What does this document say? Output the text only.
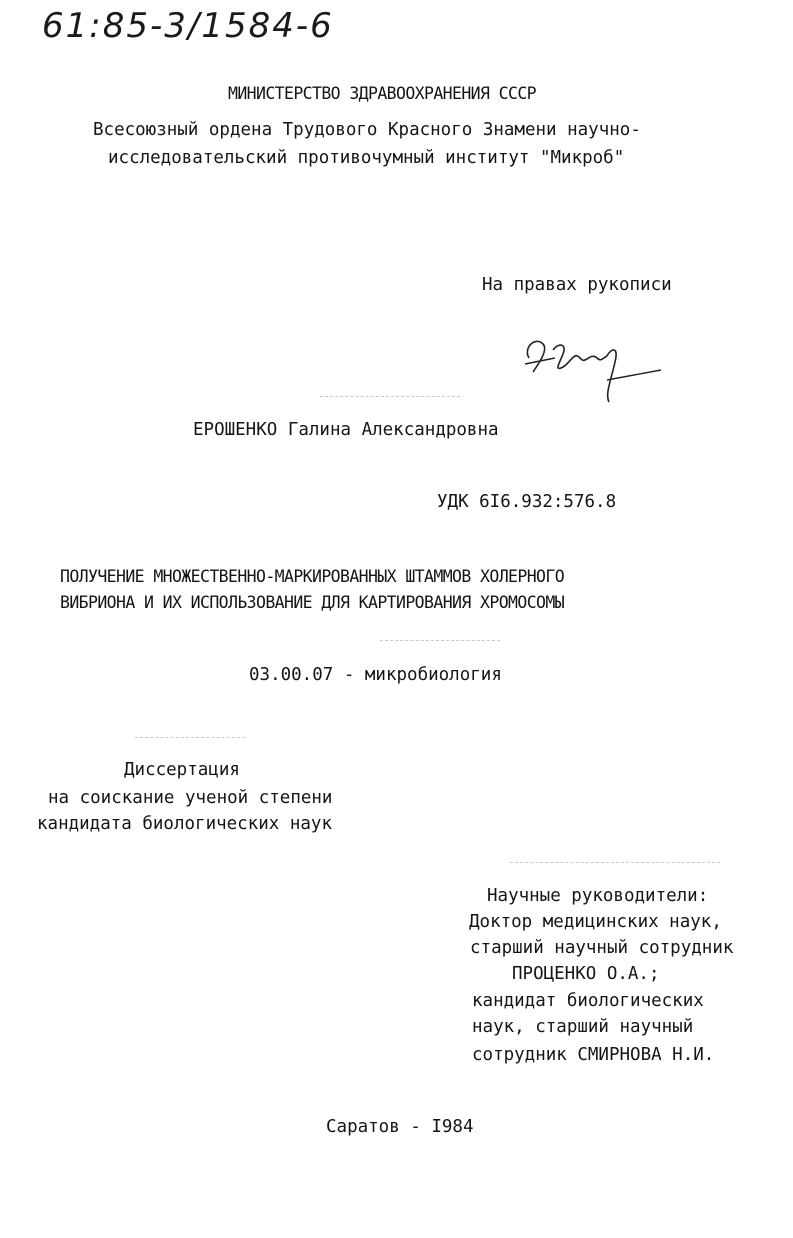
61:85-3/1584-6
МИНИСТЕРСТВО ЗДРАВООХРАНЕНИЯ СССР
Всесоюзный ордена Трудового Красного Знамени научно-
исследовательский противочумный институт "Микроб"
На правах рукописи
ЕРОШЕНКО Галина Александровна
УДК 6I6.932:576.8
ПОЛУЧЕНИЕ МНОЖЕСТВЕННО-МАРКИРОВАННЫХ ШТАММОВ ХОЛЕРНОГО
ВИБРИОНА И ИХ ИСПОЛЬЗОВАНИЕ ДЛЯ КАРТИРОВАНИЯ ХРОМОСОМЫ
03.00.07 - микробиология
Диссертация
на соискание ученой степени
кандидата биологических наук
Научные руководители:
Доктор медицинских наук,
старший научный сотрудник
ПРОЦЕНКО О.А.;
кандидат биологических
наук, старший научный
сотрудник СМИРНОВА Н.И.
Саратов - I984
